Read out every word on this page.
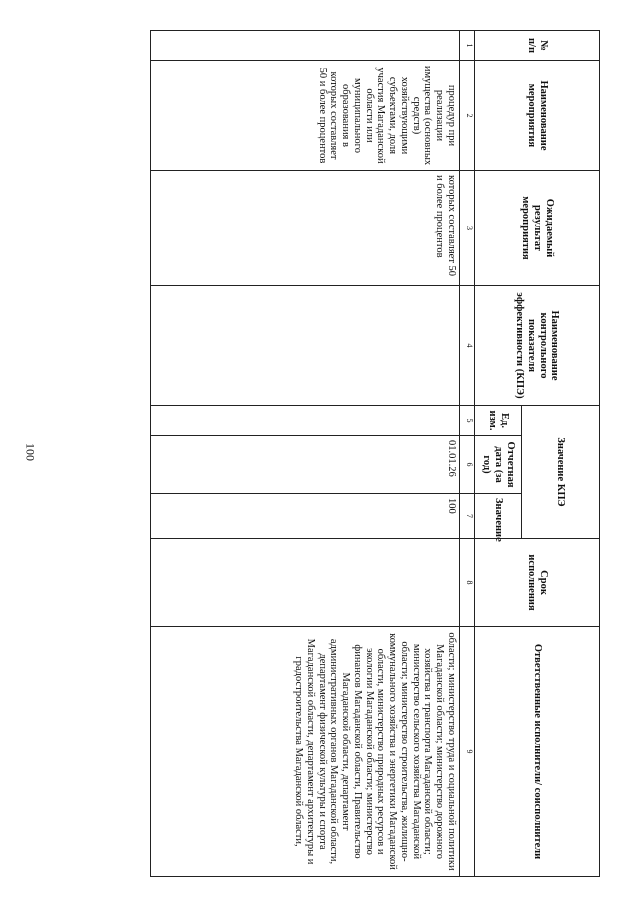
100
№ п/п	Наименование мероприятия	Ожидаемый результат мероприятия	Наименование контрольного показателя эффективности (КПЭ)	Значение КПЭ			Срок исполнения	Ответственные исполнители/ соисполнители
				Ед. изм.	Отчетная дата (за год)	Значение		
1	2	3	4	5	6	7	8	9
	процедур при реализации имущества (основных средств) хозяйствующими субъектами, доля участия Магаданской области или муниципального образования в которых составляет 50 и более процентов	которых составляет 50 и более процентов			01.01.26	100		области; министерство труда и социальной политики Магаданской области; министерство дорожного хозяйства и транспорта Магаданской области; министерство сельского хозяйства Магаданской области; министерство строительства, жилищно-коммунального хозяйства и энергетики Магаданской области, министерство природных ресурсов и экологии Магаданской области; министерство финансов Магаданской области, Правительство Магаданской области, департамент административных органов Магаданской области, департамент физической культуры и спорта Магаданской области, департамент архитектуры и градостроительства Магаданской области,
